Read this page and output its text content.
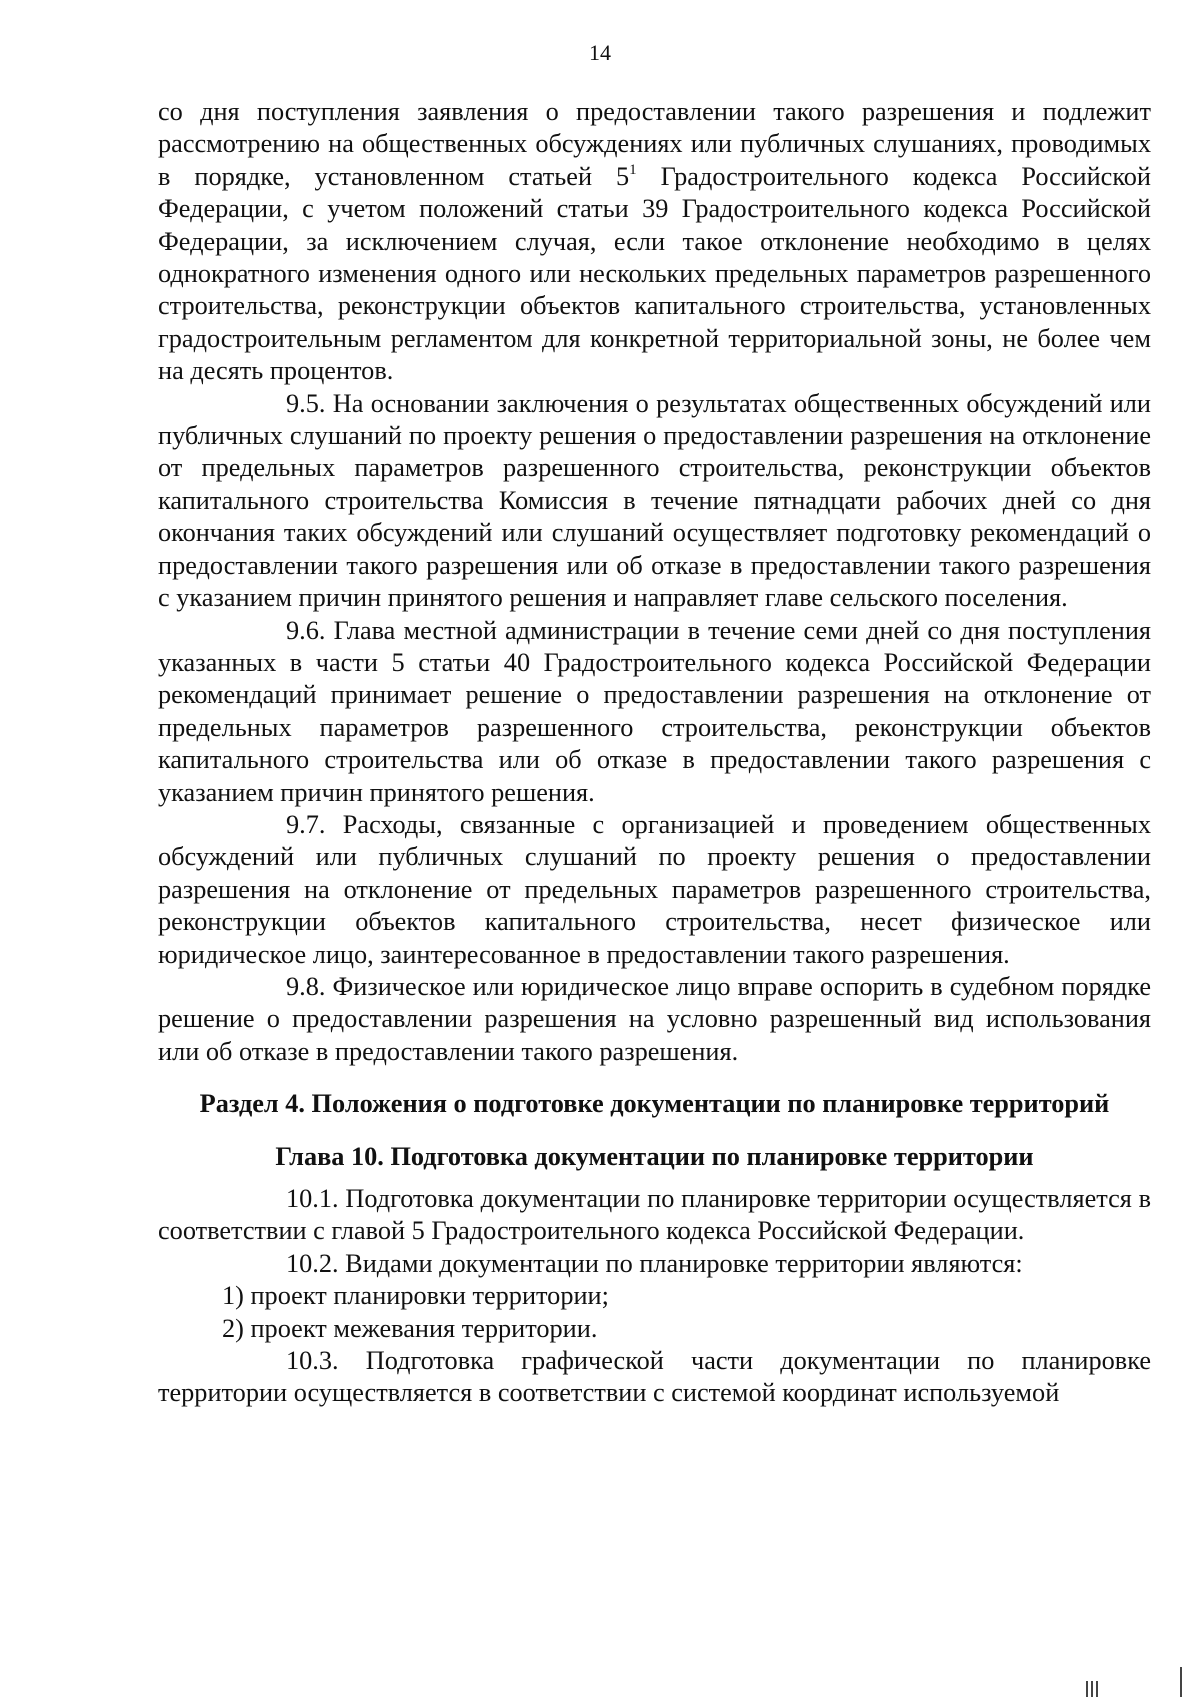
14

со дня поступления заявления о предоставлении такого разрешения и подлежит рассмотрению на общественных обсуждениях или публичных слушаниях, проводимых в порядке, установленном статьей $5^1$ Градостроительного кодекса Российской Федерации, с учетом положений статьи 39 Градостроительного кодекса Российской Федерации, за исключением случая, если такое отклонение необходимо в целях однократного изменения одного или нескольких предельных параметров разрешенного строительства, реконструкции объектов капитального строительства, установленных градостроительным регламентом для конкретной территориальной зоны, не более чем на десять процентов.

9.5. На основании заключения о результатах общественных обсуждений или публичных слушаний по проекту решения о предоставлении разрешения на отклонение от предельных параметров разрешенного строительства, реконструкции объектов капитального строительства Комиссия в течение пятнадцати рабочих дней со дня окончания таких обсуждений или слушаний осуществляет подготовку рекомендаций о предоставлении такого разрешения или об отказе в предоставлении такого разрешения с указанием причин принятого решения и направляет главе сельского поселения.

9.6. Глава местной администрации в течение семи дней со дня поступления указанных в части 5 статьи 40 Градостроительного кодекса Российской Федерации рекомендаций принимает решение о предоставлении разрешения на отклонение от предельных параметров разрешенного строительства, реконструкции объектов капитального строительства или об отказе в предоставлении такого разрешения с указанием причин принятого решения.

9.7. Расходы, связанные с организацией и проведением общественных обсуждений или публичных слушаний по проекту решения о предоставлении разрешения на отклонение от предельных параметров разрешенного строительства, реконструкции объектов капитального строительства, несет физическое или юридическое лицо, заинтересованное в предоставлении такого разрешения.

9.8. Физическое или юридическое лицо вправе оспорить в судебном порядке решение о предоставлении разрешения на условно разрешенный вид использования или об отказе в предоставлении такого разрешения.

Раздел 4. Положения о подготовке документации по планировке территорий

Глава 10. Подготовка документации по планировке территории

10.1. Подготовка документации по планировке территории осуществляется в соответствии с главой 5 Градостроительного кодекса Российской Федерации.

10.2. Видами документации по планировке территории являются:

1) проект планировки территории;

2) проект межевания территории.

10.3. Подготовка графической части документации по планировке территории осуществляется в соответствии с системой координат используемой
